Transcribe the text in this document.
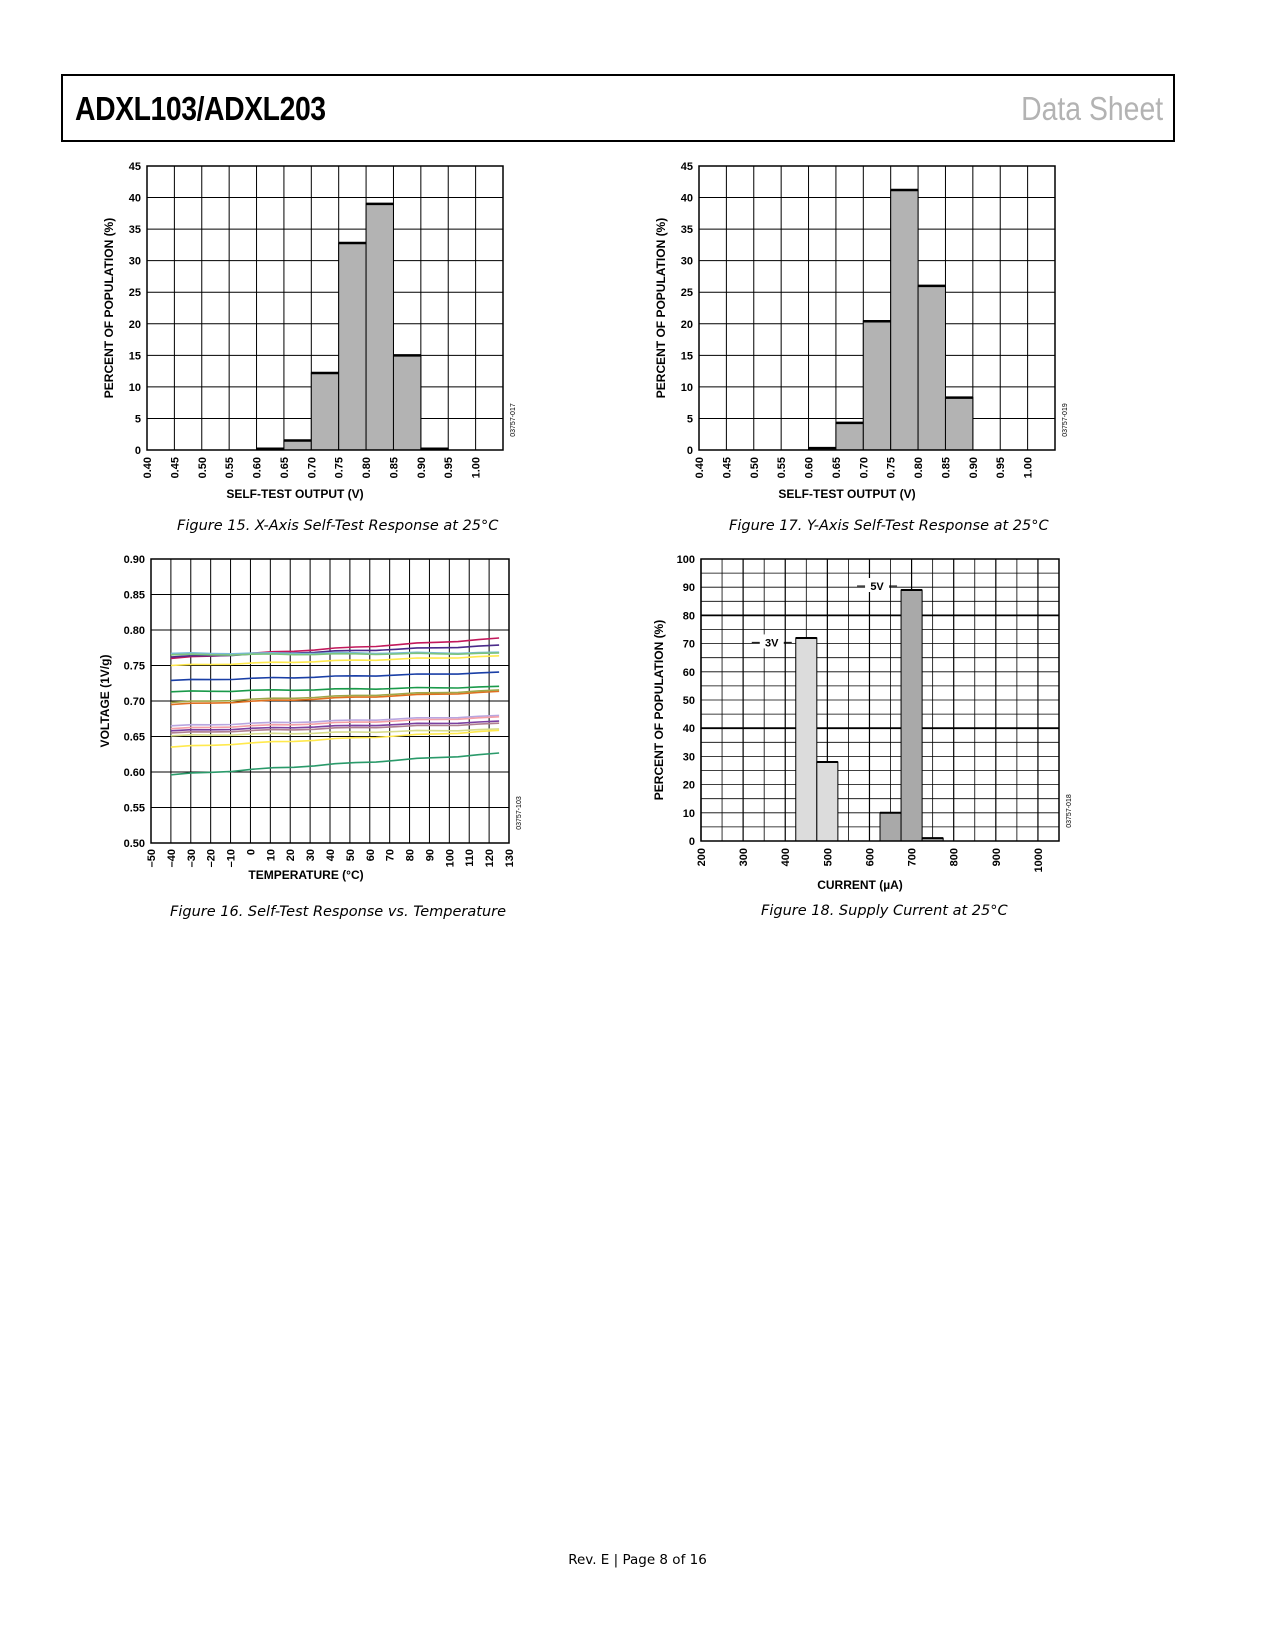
ADXL103/ADXL203	Data Sheet
0
5
10
15
20
25
30
35
40
45
0.40 0.45 0.50 0.55 0.60 0.65 0.70 0.75 0.80 0.85 0.90 0.95 1.00
SELF-TEST OUTPUT (V)
PERCENT OF POPULATION (%)
03757-017
Figure 15. X-Axis Self-Test Response at 25°C
0
5
10
15
20
25
30
35
40
45
0.40 0.45 0.50 0.55 0.60 0.65 0.70 0.75 0.80 0.85 0.90 0.95 1.00
SELF-TEST OUTPUT (V)
PERCENT OF POPULATION (%)
03757-019
Figure 17. Y-Axis Self-Test Response at 25°C
–50 –40 –30 –20 –10 0 10 20 30 40 50 60 70 80 90 100 110 120 130
0.50
0.55
0.60
0.65
0.70
0.75
0.80
0.85
0.90
TEMPERATURE (°C)
VOLTAGE (1V/g)
03757-103
Figure 16. Self-Test Response vs. Temperature
0
10
20
30
40
50
60
70
80
90
100
3V
5V
200	300	400	500	600	700	800	900	1000
CURRENT (µA)
PERCENT OF POPULATION (%)
03757-018
Figure 18. Supply Current at 25°C
Rev. E | Page 8 of 16
